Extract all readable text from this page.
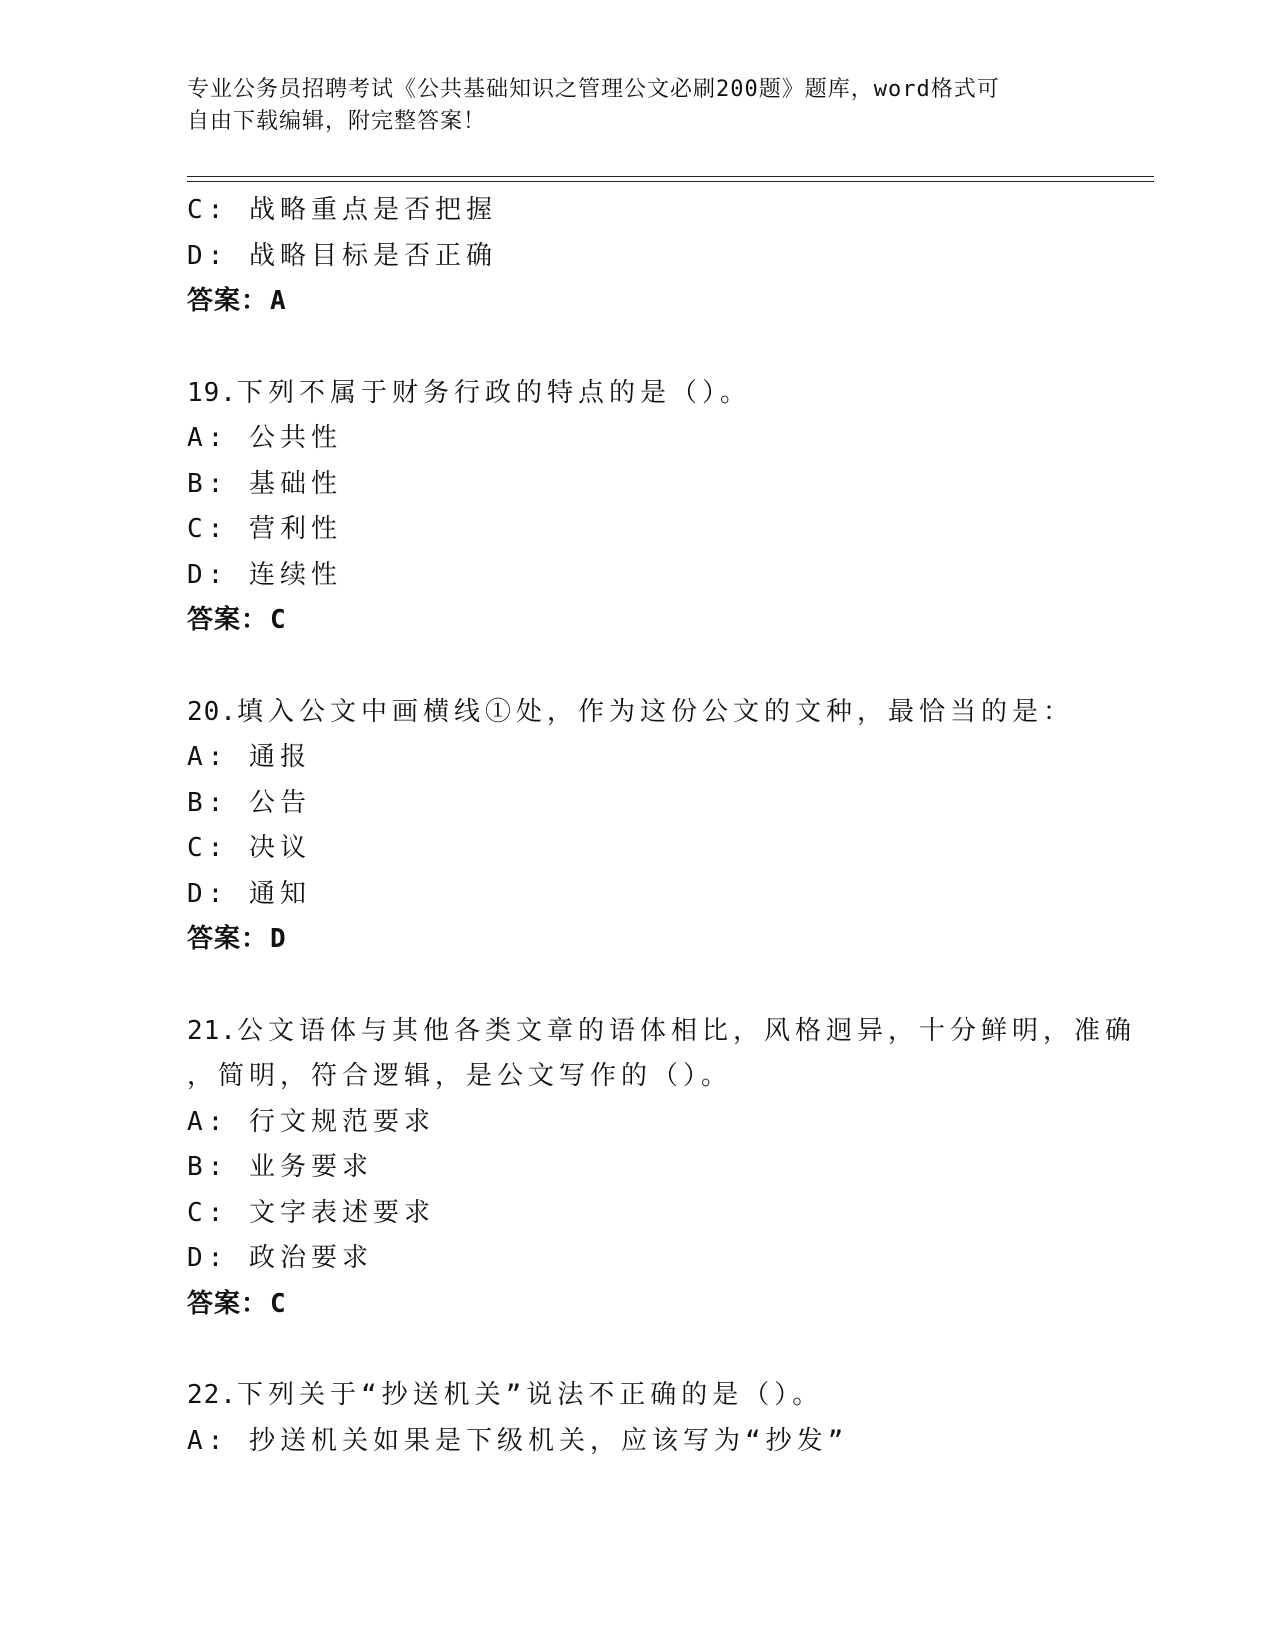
专业公务员招聘考试《公共基础知识之管理公文必刷200题》题库，word格式可
自由下载编辑，附完整答案！
C: 战略重点是否把握
D: 战略目标是否正确
答案：A
19.下列不属于财务行政的特点的是（）。
A: 公共性
B: 基础性
C: 营利性
D: 连续性
答案：C
20.填入公文中画横线①处，作为这份公文的文种，最恰当的是：
A: 通报
B: 公告
C: 决议
D: 通知
答案：D
21.公文语体与其他各类文章的语体相比，风格迥异，十分鲜明，准确
，简明，符合逻辑，是公文写作的（）。
A: 行文规范要求
B: 业务要求
C: 文字表述要求
D: 政治要求
答案：C
22.下列关于“抄送机关”说法不正确的是（）。
A: 抄送机关如果是下级机关，应该写为“抄发”
